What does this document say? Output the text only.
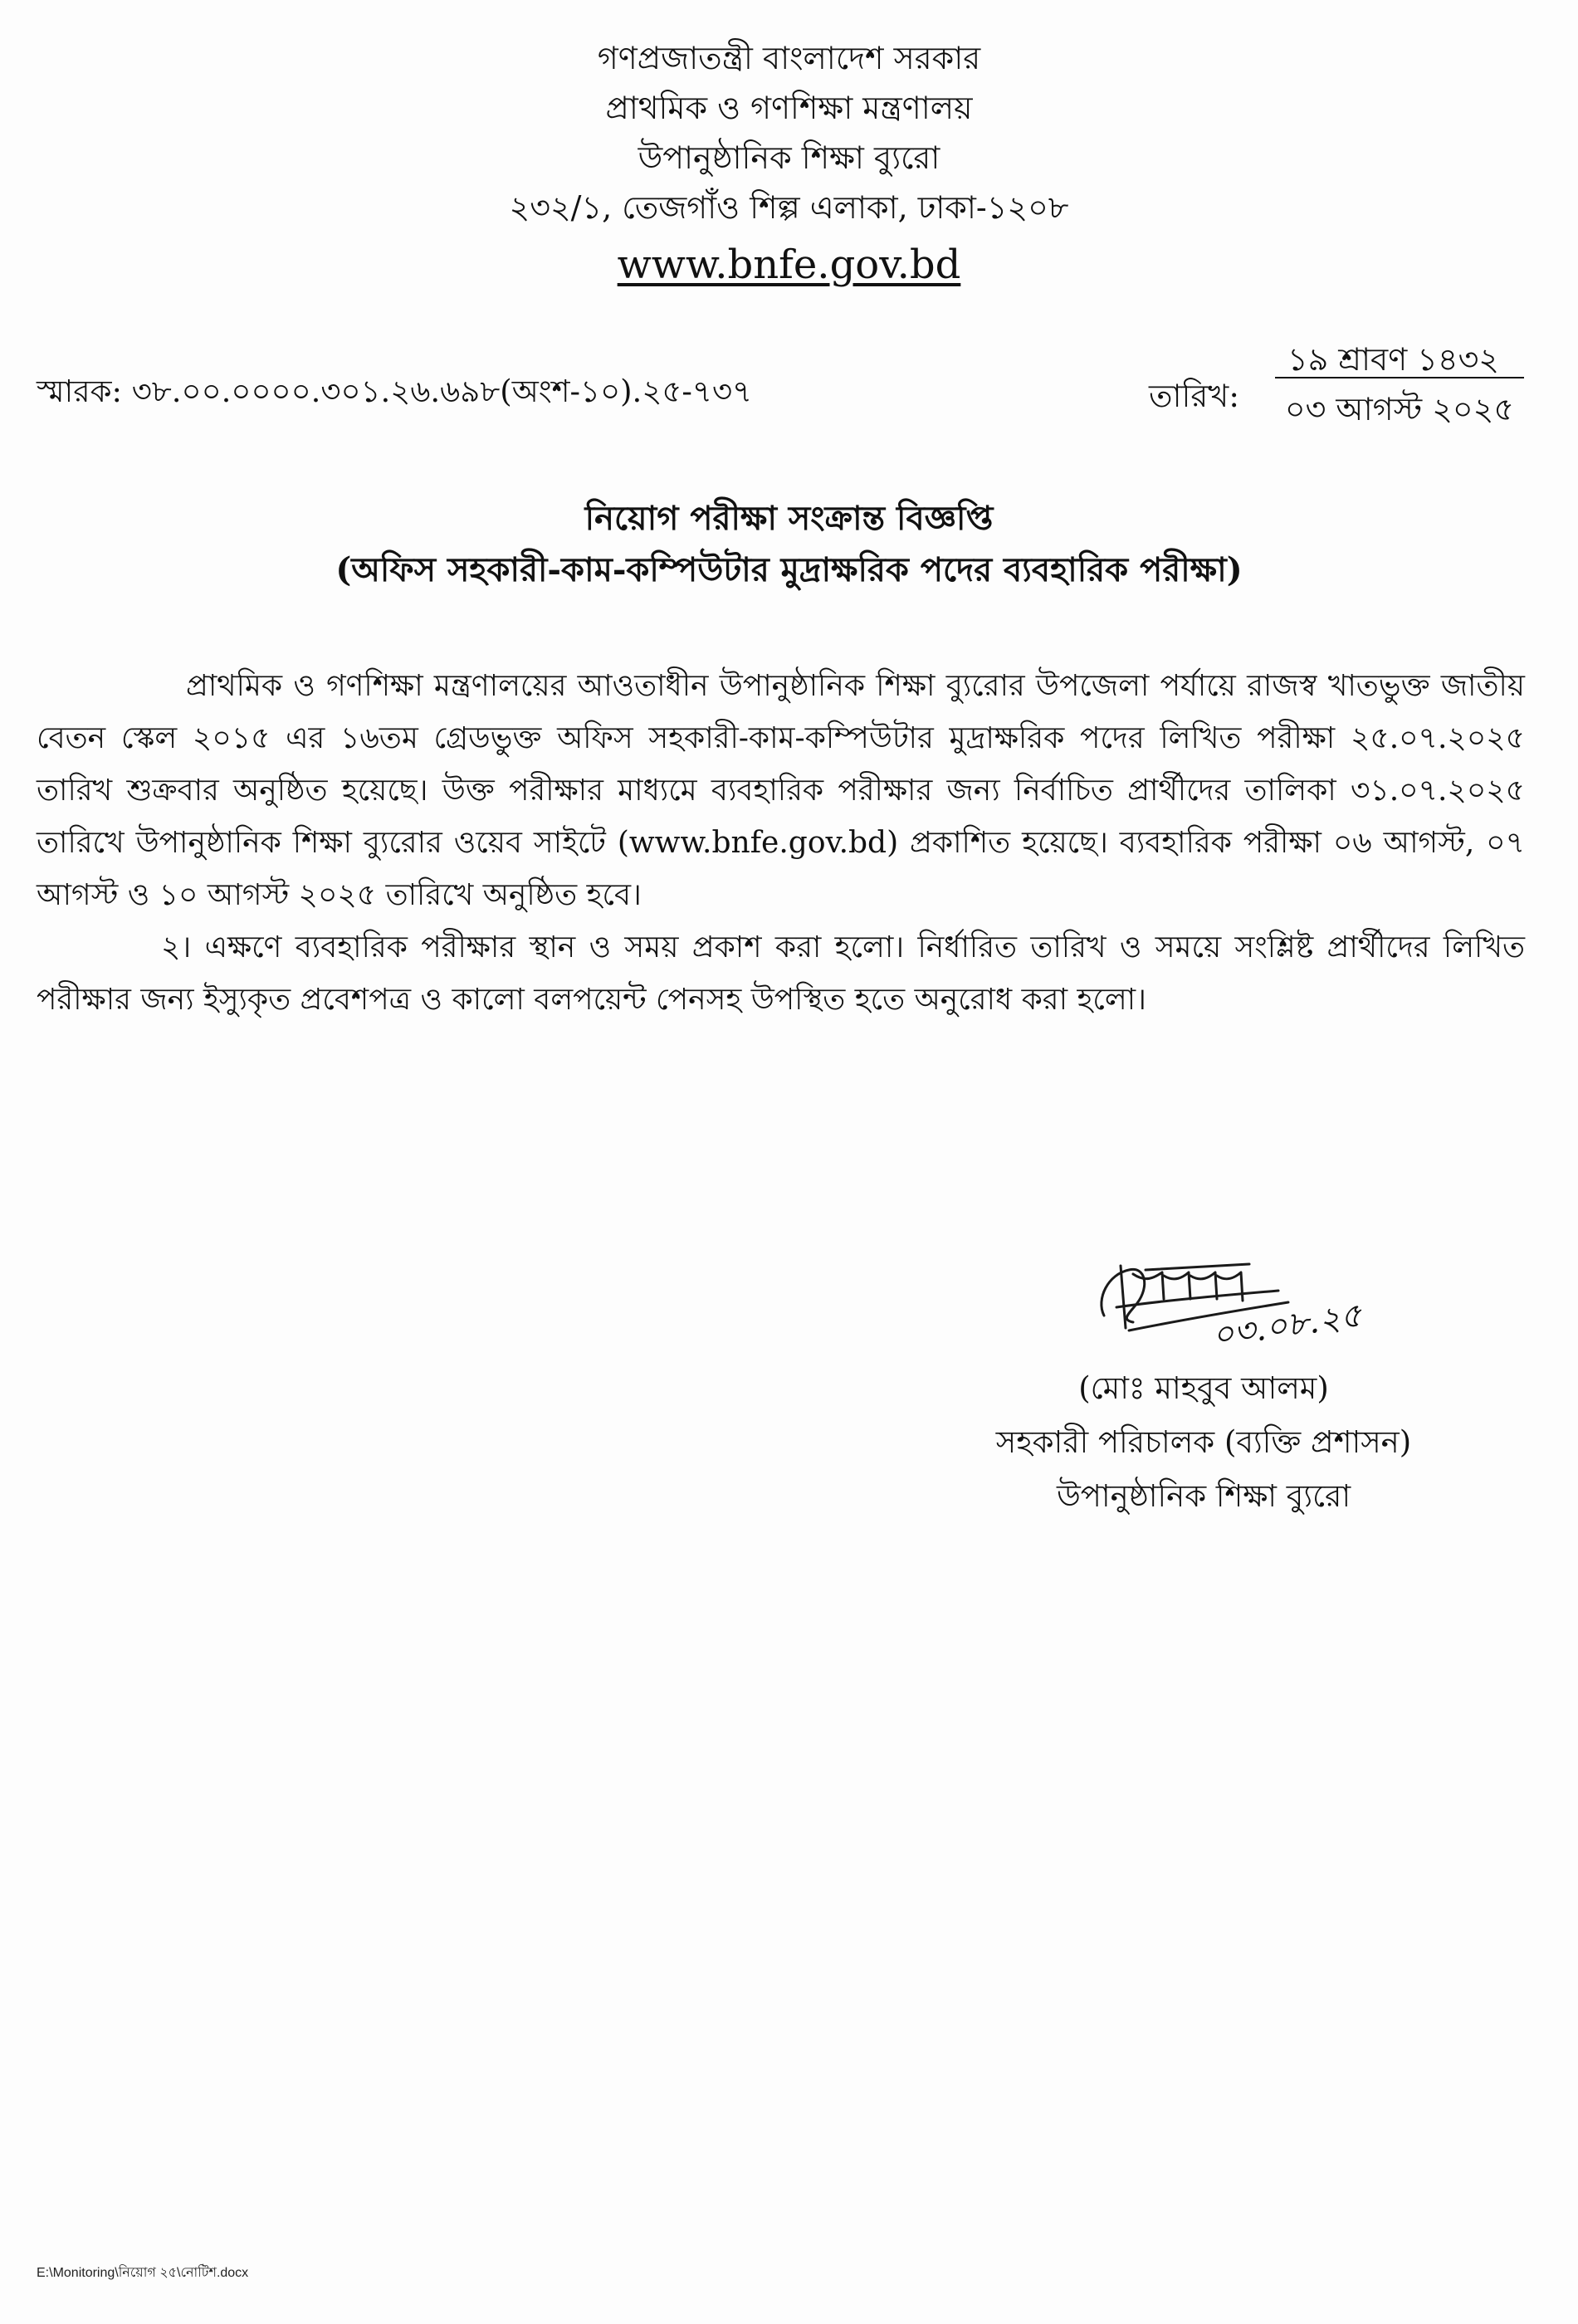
গণপ্রজাতন্ত্রী বাংলাদেশ সরকার
প্রাথমিক ও গণশিক্ষা মন্ত্রণালয়
উপানুষ্ঠানিক শিক্ষা ব্যুরো
২৩২/১, তেজগাঁও শিল্প এলাকা, ঢাকা-১২০৮
www.bnfe.gov.bd
স্মারক: ৩৮.০০.০০০০.৩০১.২৬.৬৯৮(অংশ-১০).২৫-৭৩৭	তারিখ:
১৯ শ্রাবণ ১৪৩২
০৩ আগস্ট ২০২৫
নিয়োগ পরীক্ষা সংক্রান্ত বিজ্ঞপ্তি
(অফিস সহকারী-কাম-কম্পিউটার মুদ্রাক্ষরিক পদের ব্যবহারিক পরীক্ষা)

প্রাথমিক ও গণশিক্ষা মন্ত্রণালয়ের আওতাধীন উপানুষ্ঠানিক শিক্ষা ব্যুরোর উপজেলা পর্যায়ে রাজস্ব খাতভুক্ত জাতীয় বেতন স্কেল ২০১৫ এর ১৬তম গ্রেডভুক্ত অফিস সহকারী-কাম-কম্পিউটার মুদ্রাক্ষরিক পদের লিখিত পরীক্ষা ২৫.০৭.২০২৫ তারিখ শুক্রবার অনুষ্ঠিত হয়েছে। উক্ত পরীক্ষার মাধ্যমে ব্যবহারিক পরীক্ষার জন্য নির্বাচিত প্রার্থীদের তালিকা ৩১.০৭.২০২৫ তারিখে উপানুষ্ঠানিক শিক্ষা ব্যুরোর ওয়েব সাইটে (www.bnfe.gov.bd) প্রকাশিত হয়েছে। ব্যবহারিক পরীক্ষা ০৬ আগস্ট, ০৭ আগস্ট ও ১০ আগস্ট ২০২৫ তারিখে অনুষ্ঠিত হবে।

২। এক্ষণে ব্যবহারিক পরীক্ষার স্থান ও সময় প্রকাশ করা হলো। নির্ধারিত তারিখ ও সময়ে সংশ্লিষ্ট প্রার্থীদের লিখিত পরীক্ষার জন্য ইস্যুকৃত প্রবেশপত্র ও কালো বলপয়েন্ট পেনসহ উপস্থিত হতে অনুরোধ করা হলো।

০৩.০৮.২৫
(মোঃ মাহবুব আলম)
সহকারী পরিচালক (ব্যক্তি প্রশাসন)
উপানুষ্ঠানিক শিক্ষা ব্যুরো
E:\Monitoring\নিয়োগ ২৫\নোটিশ.docx
